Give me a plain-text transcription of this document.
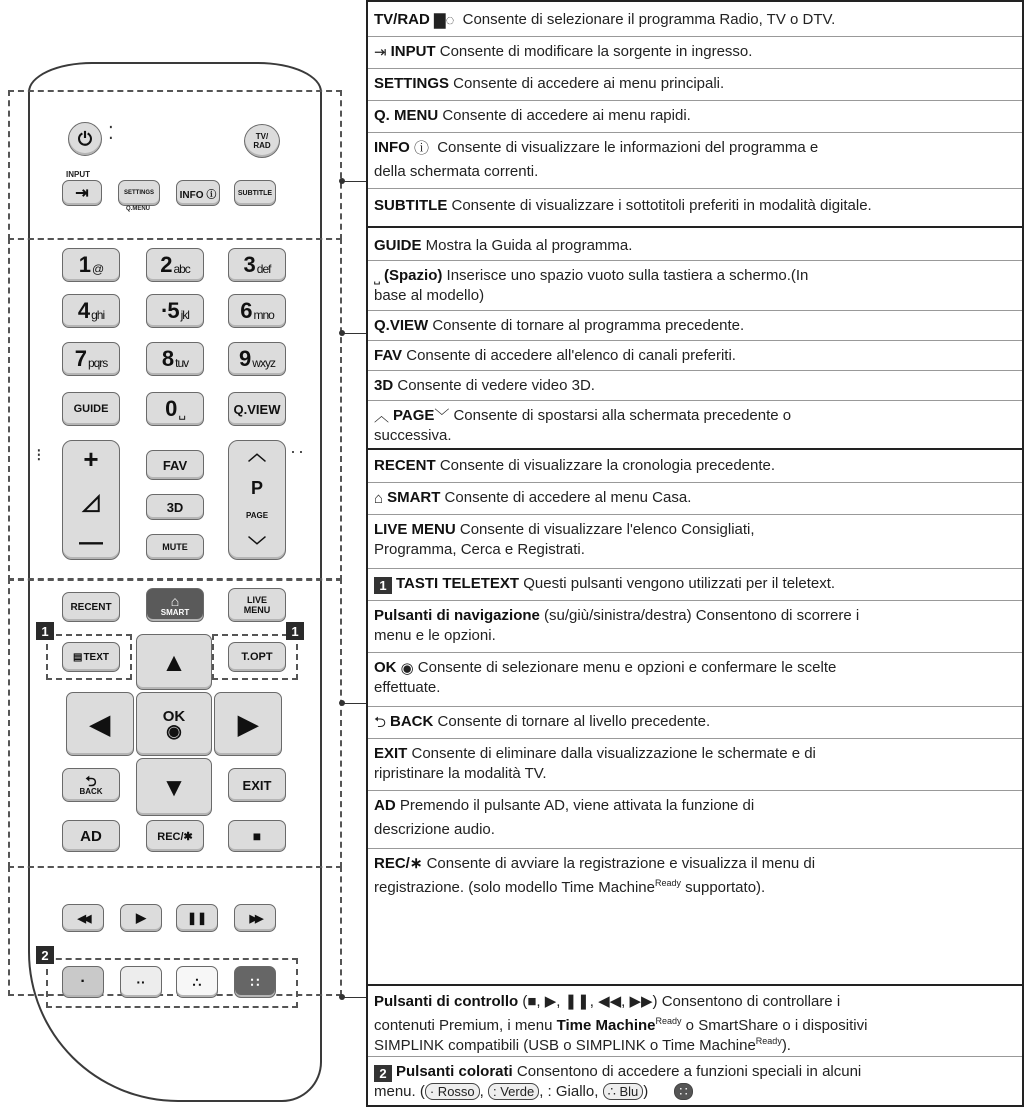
⏻ ⁚	TV/
RAD
INPUT
⇥	SETTINGS
Q.MENU
INFO ⓘ	SUBTITLE
1 @	2 abc 3 def
4 ghi	·5 jkl 6 mno
7 pqrs 8 tuv 9 wxyz
GUIDE	0 ␣	Q.VIEW
⁝	··
+
◿
—
FAV
3D
MUTE
︿
P
PAGE
﹀
RECENT	⌂
SMART
LIVE
MENU
1	1
▤ TEXT	T.OPT
▲
◀	OK
◉ ▶
▼
⮌
BACK	EXIT
AD	REC/✱	■
◀◀	▶	❚❚	▶▶
2
·	··	∴	∷
TV/RAD ▇◌ Consente di selezionare il programma Radio, TV o DTV.
⇥ INPUT Consente di modificare la sorgente in ingresso.
SETTINGS Consente di accedere ai menu principali.
Q. MENU Consente di accedere ai menu rapidi.
INFO ⓘ Consente di visualizzare le informazioni del programma e
della schermata correnti.
SUBTITLE Consente di visualizzare i sottotitoli preferiti in modalità digitale.
GUIDE Mostra la Guida al programma.
⎵ (Spazio) Inserisce uno spazio vuoto sulla tastiera a schermo.(In
base al modello)
Q.VIEW Consente di tornare al programma precedente.
FAV Consente di accedere all'elenco di canali preferiti.
3D Consente di vedere video 3D.
︿ PAGE﹀ Consente di spostarsi alla schermata precedente o
successiva.
RECENT Consente di visualizzare la cronologia precedente.
⌂ SMART Consente di accedere al menu Casa.
LIVE MENU Consente di visualizzare l'elenco Consigliati,
Programma, Cerca e Registrati.
1 TASTI TELETEXT Questi pulsanti vengono utilizzati per il teletext.
Pulsanti di navigazione (su/giù/sinistra/destra) Consentono di scorrere i
menu e le opzioni.
OK ◉ Consente di selezionare menu e opzioni e confermare le scelte
effettuate.
⮌ BACK Consente di tornare al livello precedente.
EXIT Consente di eliminare dalla visualizzazione le schermate e di
ripristinare la modalità TV.
AD Premendo il pulsante AD, viene attivata la funzione di
descrizione audio.
REC/∗ Consente di avviare la registrazione e visualizza il menu di
registrazione. (solo modello Time Machine$^{Ready}$ supportato).
Pulsanti di controllo (■, ▶, ❚❚, ◀◀, ▶▶) Consentono di controllare i
contenuti Premium, i menu Time Machine$^{Ready}$ o SmartShare o i dispositivi
SIMPLINK compatibili (USB o SIMPLINK o Time Machine$^{Ready}$).
2 Pulsanti colorati Consentono di accedere a funzioni speciali in alcuni
menu. ( · Rosso , : Verde , : Giallo, ∴ Blu ) ∷
